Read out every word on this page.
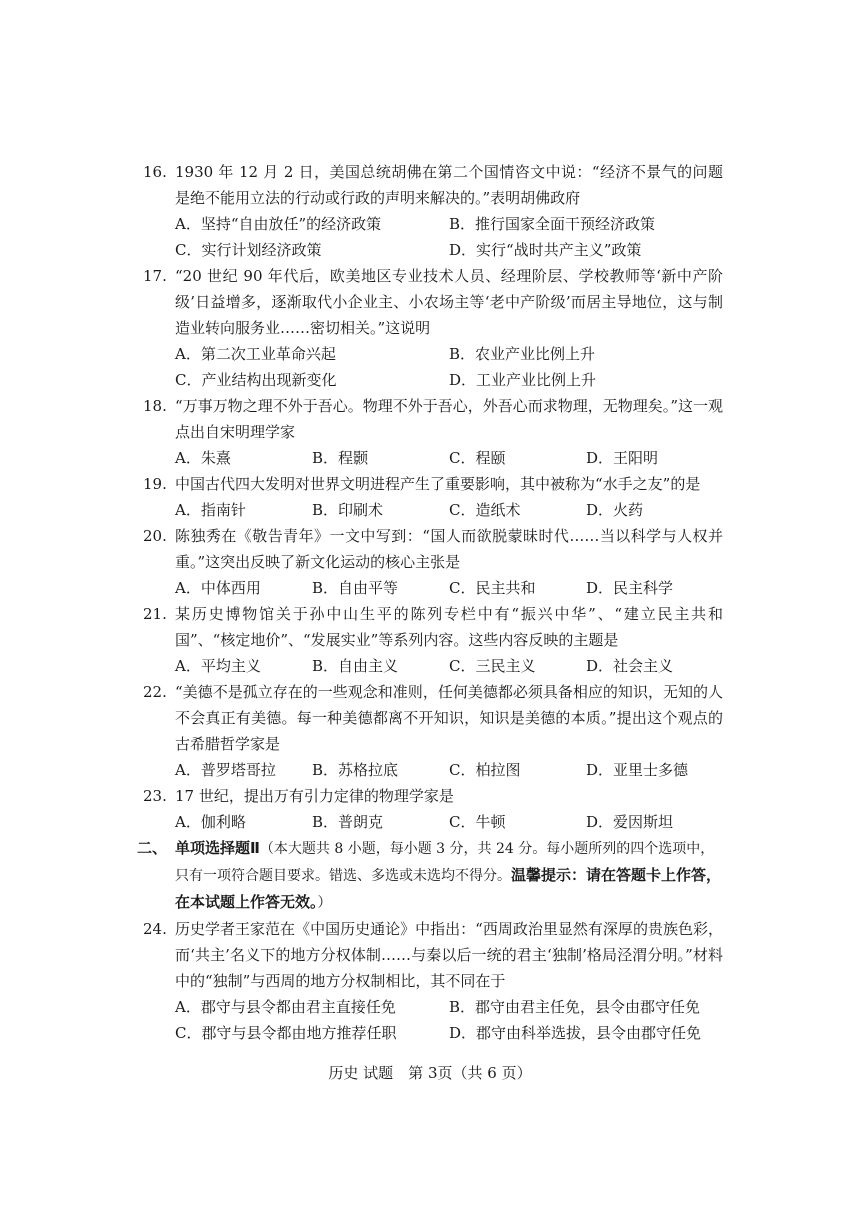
16. 1930 年 12 月 2 日，美国总统胡佛在第二个国情咨文中说：“经济不景气的问题是绝不能用立法的行动或行政的声明来解决的。”表明胡佛政府
A．坚持“自由放任”的经济政策	B．推行国家全面干预经济政策
C．实行计划经济政策	D．实行“战时共产主义”政策
17. “20 世纪 90 年代后，欧美地区专业技术人员、经理阶层、学校教师等‘新中产阶级’日益增多，逐渐取代小企业主、小农场主等‘老中产阶级’而居主导地位，这与制造业转向服务业……密切相关。”这说明
A．第二次工业革命兴起	B．农业产业比例上升
C．产业结构出现新变化	D．工业产业比例上升
18. “万事万物之理不外于吾心。物理不外于吾心，外吾心而求物理，无物理矣。”这一观点出自宋明理学家
A．朱熹	B．程颢	C．程颐	D．王阳明
19. 中国古代四大发明对世界文明进程产生了重要影响，其中被称为“水手之友”的是
A．指南针	B．印刷术	C．造纸术	D．火药
20. 陈独秀在《敬告青年》一文中写到：“国人而欲脱蒙昧时代……当以科学与人权并重。”这突出反映了新文化运动的核心主张是
A．中体西用	B．自由平等	C．民主共和	D．民主科学
21. 某历史博物馆关于孙中山生平的陈列专栏中有“振兴中华”、“建立民主共和国”、“核定地价”、“发展实业”等系列内容。这些内容反映的主题是
A．平均主义	B．自由主义	C．三民主义	D．社会主义
22. “美德不是孤立存在的一些观念和准则，任何美德都必须具备相应的知识，无知的人不会真正有美德。每一种美德都离不开知识，知识是美德的本质。”提出这个观点的古希腊哲学家是
A．普罗塔哥拉	B．苏格拉底	C．柏拉图	D．亚里士多德
23. 17 世纪，提出万有引力定律的物理学家是
A．伽利略	B．普朗克	C．牛顿	D．爱因斯坦
二、 单项选择题Ⅱ（本大题共 8 小题，每小题 3 分，共 24 分。每小题所列的四个选项中，只有一项符合题目要求。错选、多选或未选均不得分。温馨提示：请在答题卡上作答，在本试题上作答无效。）
24. 历史学者王家范在《中国历史通论》中指出：“西周政治里显然有深厚的贵族色彩，而‘共主’名义下的地方分权体制……与秦以后一统的君主‘独制’格局泾渭分明。”材料中的“独制”与西周的地方分权制相比，其不同在于
A．郡守与县令都由君主直接任免	B．郡守由君主任免，县令由郡守任免
C．郡守与县令都由地方推荐任职	D．郡守由科举选拔，县令由郡守任免
历史 试题　第 3页（共 6 页）
